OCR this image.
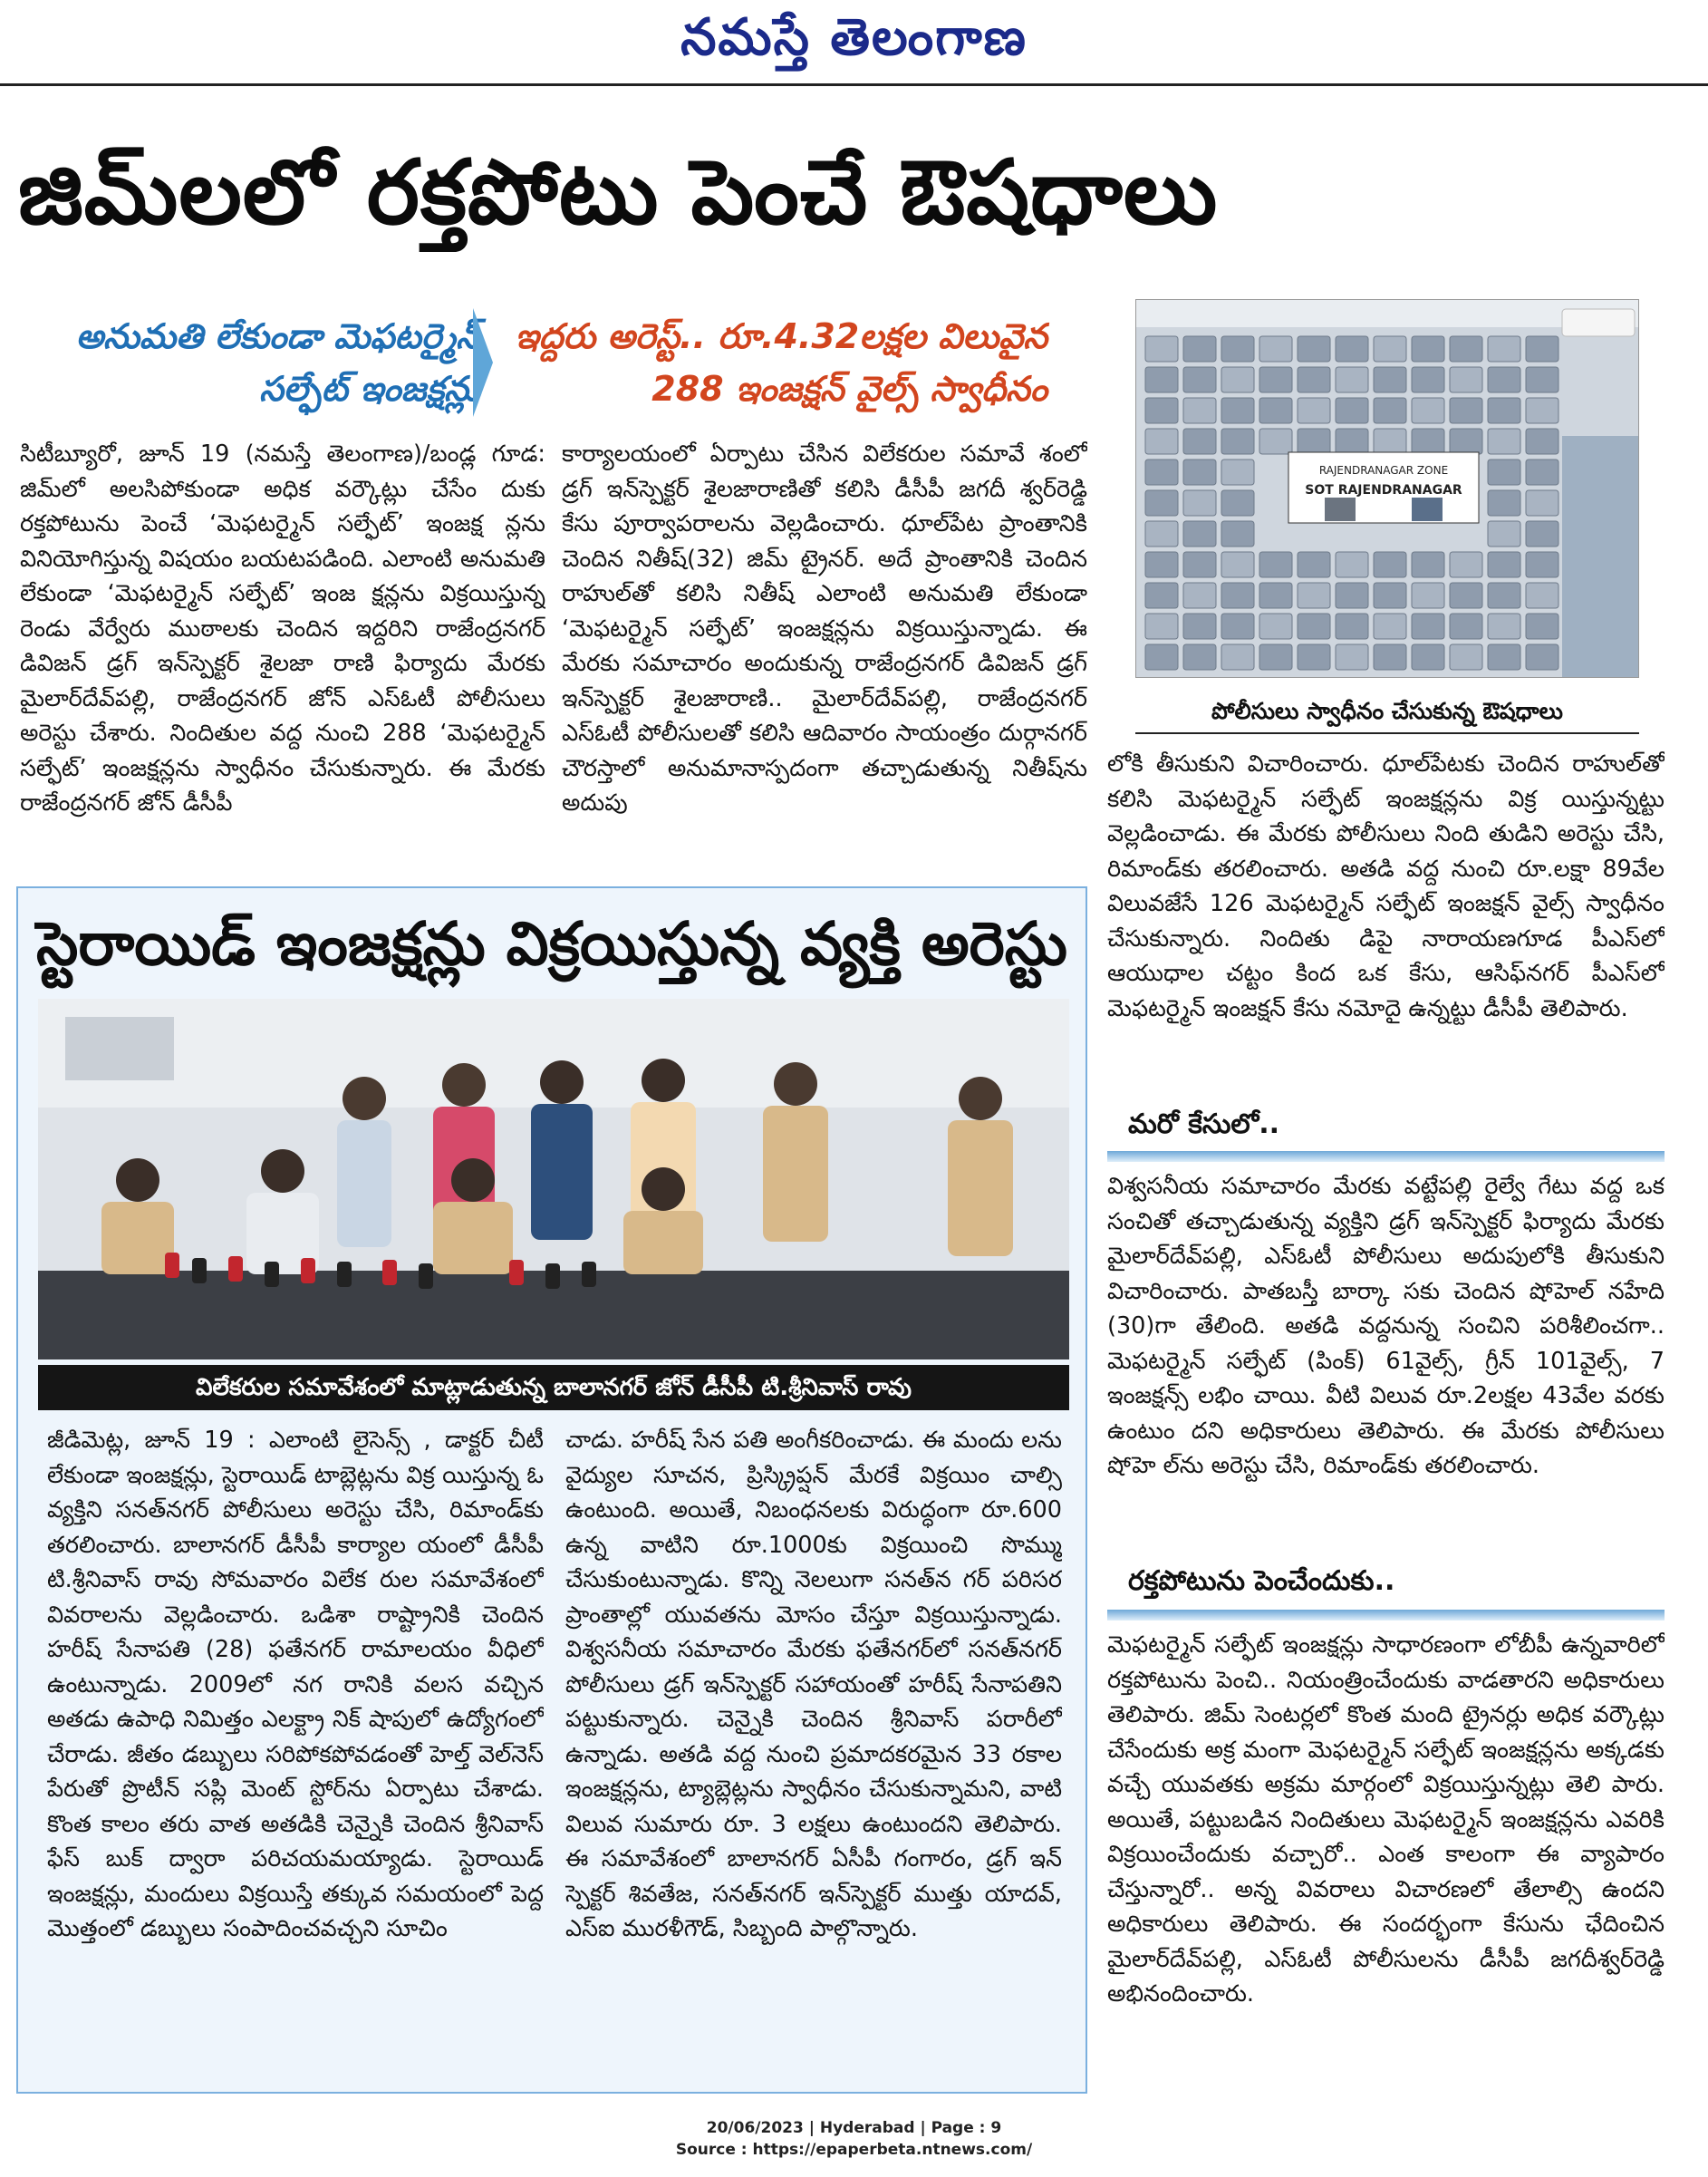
నమస్తే తెలంగాణ
జిమ్‌లలో రక్తపోటు పెంచే ఔషధాలు
అనుమతి లేకుండా మెఫటర్మైన్ సల్ఫేట్ ఇంజక్షన్లు
ఇద్దరు అరెస్ట్.. రూ.4.32లక్షల విలువైన 288 ఇంజక్షన్ వైల్స్ స్వాధీనం
సిటీబ్యూరో, జూన్ 19 (నమస్తే తెలంగాణ)/బండ్ల గూడ: జిమ్‌లో అలసిపోకుండా అధిక వర్కౌట్లు చేసేం దుకు రక్తపోటును పెంచే ‘మెఫటర్మైన్ సల్ఫేట్’ ఇంజక్ష న్లను వినియోగిస్తున్న విషయం బయటపడింది. ఎలాంటి అనుమతి లేకుండా ‘మెఫటర్మైన్ సల్ఫేట్’ ఇంజ క్షన్లను విక్రయిస్తున్న రెండు వేర్వేరు ముఠాలకు చెందిన ఇద్దరిని రాజేంద్రనగర్ డివిజన్ డ్రగ్ ఇన్‌స్పెక్టర్ శైలజా రాణి ఫిర్యాదు మేరకు మైలార్‌దేవ్‌పల్లి, రాజేంద్రనగర్ జోన్ ఎస్‌ఓటీ పోలీసులు అరెస్టు చేశారు. నిందితుల వద్ద నుంచి 288 ‘మెఫటర్మైన్ సల్ఫేట్’ ఇంజక్షన్లను స్వాధీనం చేసుకున్నారు. ఈ మేరకు రాజేంద్రనగర్ జోన్ డీసీపీ
కార్యాలయంలో ఏర్పాటు చేసిన విలేకరుల సమావే శంలో డ్రగ్ ఇన్‌స్పెక్టర్ శైలజారాణితో కలిసి డీసీపీ జగదీ శ్వర్‌రెడ్డి కేసు పూర్వాపరాలను వెల్లడించారు. ధూల్‌పేట ప్రాంతానికి చెందిన నితీష్(32) జిమ్ ట్రైనర్. అదే ప్రాంతానికి చెందిన రాహుల్‌తో కలిసి నితీష్ ఎలాంటి అనుమతి లేకుండా ‘మెఫటర్మైన్ సల్ఫేట్’ ఇంజక్షన్లను విక్రయిస్తున్నాడు. ఈ మేరకు సమాచారం అందుకున్న రాజేంద్రనగర్ డివిజన్ డ్రగ్ ఇన్‌స్పెక్టర్ శైలజారాణి.. మైలార్‌దేవ్‌పల్లి, రాజేంద్రనగర్ ఎస్‌ఓటీ పోలీసులతో కలిసి ఆదివారం సాయంత్రం దుర్గానగర్ చౌరస్తాలో అనుమానాస్పదంగా తచ్చాడుతున్న నితీష్‌ను అదుపు
RAJENDRANAGAR ZONE
SOT RAJENDRANAGAR
పోలీసులు స్వాధీనం చేసుకున్న ఔషధాలు
లోకి తీసుకుని విచారించారు. ధూల్‌పేటకు చెందిన రాహుల్‌తో కలిసి మెఫటర్మైన్ సల్ఫేట్ ఇంజక్షన్లను విక్ర యిస్తున్నట్టు వెల్లడించాడు. ఈ మేరకు పోలీసులు నింది తుడిని అరెస్టు చేసి, రిమాండ్‌కు తరలించారు. అతడి వద్ద నుంచి రూ.లక్షా 89వేల విలువజేసే 126 మెఫటర్మైన్ సల్ఫేట్ ఇంజక్షన్ వైల్స్ స్వాధీనం చేసుకున్నారు. నిందితు డిపై నారాయణగూడ పీఎస్‌లో ఆయుధాల చట్టం కింద ఒక కేసు, ఆసిఫ్‌నగర్ పీఎస్‌లో మెఫటర్మైన్ ఇంజక్షన్ కేసు నమోదై ఉన్నట్టు డీసీపీ తెలిపారు.
మరో కేసులో..
విశ్వసనీయ సమాచారం మేరకు వట్టేపల్లి రైల్వే గేటు వద్ద ఒక సంచితో తచ్చాడుతున్న వ్యక్తిని డ్రగ్ ఇన్‌స్పెక్టర్ ఫిర్యాదు మేరకు మైలార్‌దేవ్‌పల్లి, ఎస్‌ఓటీ పోలీసులు అదుపులోకి తీసుకుని విచారించారు. పాతబస్తీ బార్కా సకు చెందిన షోహెల్ నహేది (30)గా తేలింది. అతడి వద్దనున్న సంచిని పరిశీలించగా.. మెఫటర్మైన్ సల్ఫేట్ (పింక్) 61వైల్స్, గ్రీన్ 101వైల్స్, 7 ఇంజక్షన్స్ లభిం చాయి. వీటి విలువ రూ.2లక్షల 43వేల వరకు ఉంటుం దని అధికారులు తెలిపారు. ఈ మేరకు పోలీసులు షోహె ల్‌ను అరెస్టు చేసి, రిమాండ్‌కు తరలించారు.
రక్తపోటును పెంచేందుకు..
మెఫటర్మైన్ సల్ఫేట్ ఇంజక్షన్లు సాధారణంగా లోబీపీ ఉన్నవారిలో రక్తపోటును పెంచి.. నియంత్రించేందుకు వాడతారని అధికారులు తెలిపారు. జిమ్ సెంటర్లలో కొంత మంది ట్రైనర్లు అధిక వర్కౌట్లు చేసేందుకు అక్ర మంగా మెఫటర్మైన్ సల్ఫేట్ ఇంజక్షన్లను అక్కడకు వచ్చే యువతకు అక్రమ మార్గంలో విక్రయిస్తున్నట్లు తెలి పారు. అయితే, పట్టుబడిన నిందితులు మెఫటర్మైన్ ఇంజక్షన్లను ఎవరికి విక్రయించేందుకు వచ్చారో.. ఎంత కాలంగా ఈ వ్యాపారం చేస్తున్నారో.. అన్న వివరాలు విచారణలో తేలాల్సి ఉందని అధికారులు తెలిపారు. ఈ సందర్భంగా కేసును ఛేదించిన మైలార్‌దేవ్‌పల్లి, ఎస్‌ఓటీ పోలీసులను డీసీపీ జగదీశ్వర్‌రెడ్డి అభినందించారు.
స్టెరాయిడ్ ఇంజక్షన్లు విక్రయిస్తున్న వ్యక్తి అరెస్టు
విలేకరుల సమావేశంలో మాట్లాడుతున్న బాలానగర్ జోన్ డీసీపీ టి.శ్రీనివాస్ రావు
జీడిమెట్ల, జూన్ 19 : ఎలాంటి లైసెన్స్ , డాక్టర్ చీటీ లేకుండా ఇంజక్షన్లు, స్టెరాయిడ్ టాబ్లెట్లను విక్ర యిస్తున్న ఓ వ్యక్తిని సనత్‌నగర్ పోలీసులు అరెస్టు చేసి, రిమాండ్‌కు తరలించారు. బాలానగర్ డీసీపీ కార్యాల యంలో డీసీపీ టి.శ్రీనివాస్ రావు సోమవారం విలేక రుల సమావేశంలో వివరాలను వెల్లడించారు. ఒడిశా రాష్ట్రానికి చెందిన హరీష్ సేనాపతి (28) ఫతేనగర్ రామాలయం వీధిలో ఉంటున్నాడు. 2009లో నగ రానికి వలస వచ్చిన అతడు ఉపాధి నిమిత్తం ఎలక్ట్రా నిక్ షాపులో ఉద్యోగంలో చేరాడు. జీతం డబ్బులు సరిపోకపోవడంతో హెల్త్ వెల్‌నెస్ పేరుతో ప్రొటీన్ సప్లి మెంట్ స్టోర్‌ను ఏర్పాటు చేశాడు. కొంత కాలం తరు వాత అతడికి చెన్నైకి చెందిన శ్రీనివాస్ ఫేస్ బుక్ ద్వారా పరిచయమయ్యాడు. స్టెరాయిడ్ ఇంజక్షన్లు, మందులు విక్రయిస్తే తక్కువ సమయంలో పెద్ద మొత్తంలో డబ్బులు సంపాదించవచ్చని సూచిం
చాడు. హరీష్ సేన పతి అంగీకరించాడు. ఈ మందు లను వైద్యుల సూచన, ప్రిస్క్రిప్షన్ మేరకే విక్రయిం చాల్సి ఉంటుంది. అయితే, నిబంధనలకు విరుద్ధంగా రూ.600 ఉన్న వాటిని రూ.1000కు విక్రయించి సొమ్ము చేసుకుంటున్నాడు. కొన్ని నెలలుగా సనత్‌న గర్ పరిసర ప్రాంతాల్లో యువతను మోసం చేస్తూ విక్రయిస్తున్నాడు. విశ్వసనీయ సమాచారం మేరకు ఫతేనగర్‌లో సనత్‌నగర్ పోలీసులు డ్రగ్ ఇన్‌స్పెక్టర్ సహాయంతో హరీష్ సేనాపతిని పట్టుకున్నారు. చెన్నైకి చెందిన శ్రీనివాస్ పరారీలో ఉన్నాడు. అతడి వద్ద నుంచి ప్రమాదకరమైన 33 రకాల ఇంజక్షన్లను, ట్యాబ్లెట్లను స్వాధీనం చేసుకున్నామని, వాటి విలువ సుమారు రూ. 3 లక్షలు ఉంటుందని తెలిపారు. ఈ సమావేశంలో బాలానగర్ ఏసీపీ గంగారం, డ్రగ్ ఇన్ స్పెక్టర్ శివతేజ, సనత్‌నగర్ ఇన్‌స్పెక్టర్ ముత్తు యాదవ్, ఎస్ఐ మురళీగౌడ్, సిబ్బంది పాల్గొన్నారు.
20/06/2023 | Hyderabad | Page : 9
Source : https://epaperbeta.ntnews.com/
